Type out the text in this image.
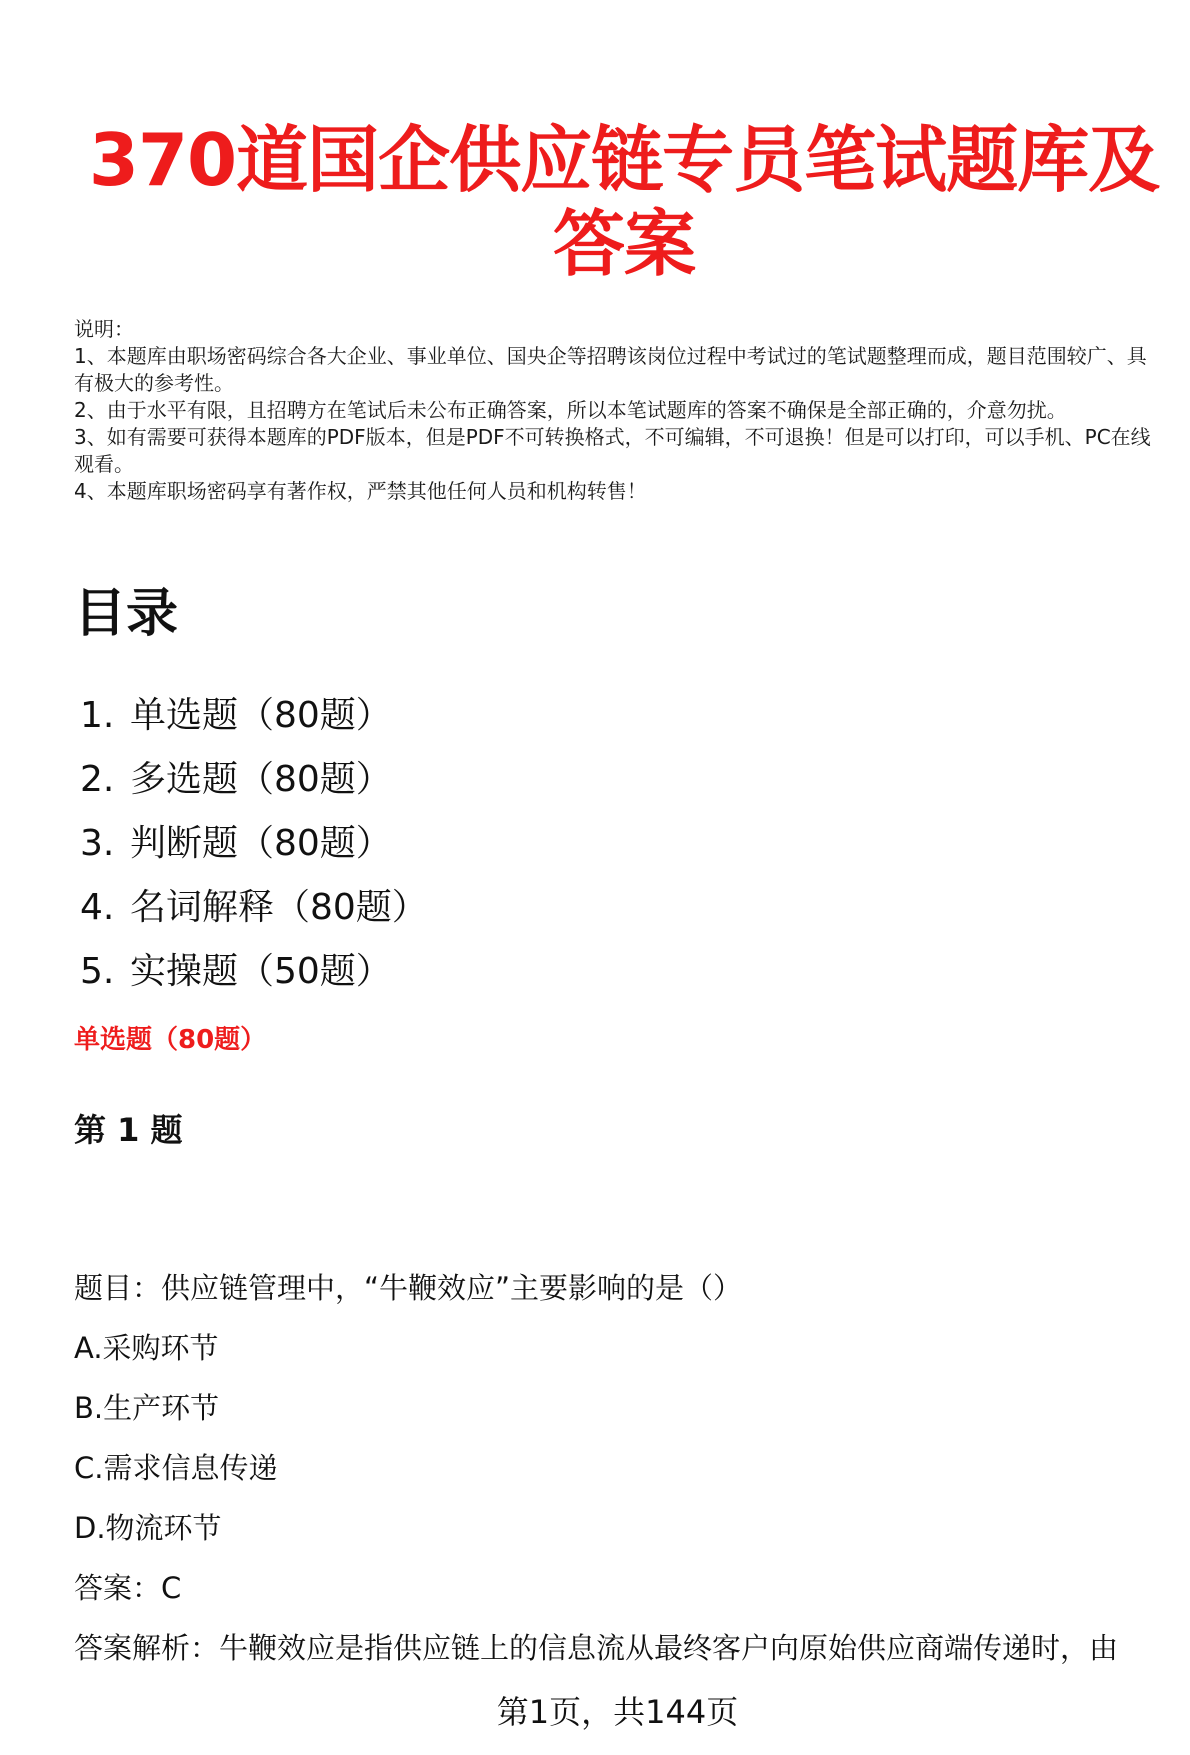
370道国企供应链专员笔试题库及答案
说明：
1、本题库由职场密码综合各大企业、事业单位、国央企等招聘该岗位过程中考试过的笔试题整理而成，题目范围较广、具有极大的参考性。
2、由于水平有限，且招聘方在笔试后未公布正确答案，所以本笔试题库的答案不确保是全部正确的，介意勿扰。
3、如有需要可获得本题库的PDF版本，但是PDF不可转换格式，不可编辑，不可退换！但是可以打印，可以手机、PC在线观看。
4、本题库职场密码享有著作权，严禁其他任何人员和机构转售！
目录
1. 单选题（80题）
2. 多选题（80题）
3. 判断题（80题）
4. 名词解释（80题）
5. 实操题（50题）
单选题（80题）
第 1 题
题目：供应链管理中，“牛鞭效应”主要影响的是（）
A.采购环节
B.生产环节
C.需求信息传递
D.物流环节
答案：C
答案解析：牛鞭效应是指供应链上的信息流从最终客户向原始供应商端传递时，由
第1页，共144页
